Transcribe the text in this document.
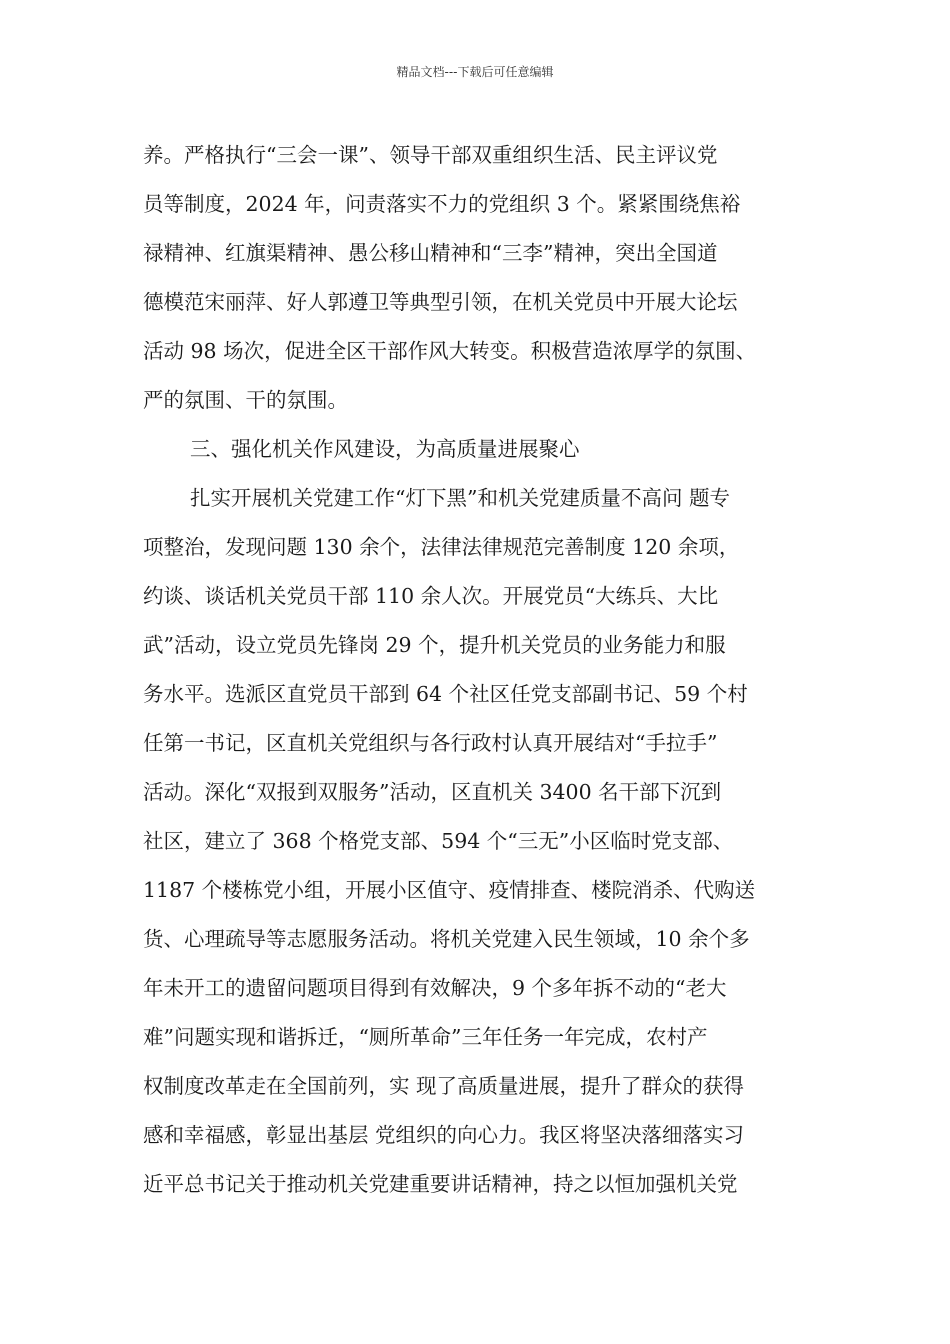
精品文档---下载后可任意编辑
养。严格执行“三会一课”、领导干部双重组织生活、民主评议党
员等制度，2024 年，问责落实不力的党组织 3 个。紧紧围绕焦裕
禄精神、红旗渠精神、愚公移山精神和“三李”精神，突出全国道
德模范宋丽萍、好人郭遵卫等典型引领，在机关党员中开展大论坛
活动 98 场次，促进全区干部作风大转变。积极营造浓厚学的氛围、
严的氛围、干的氛围。
三、强化机关作风建设，为高质量进展聚心
扎实开展机关党建工作“灯下黑”和机关党建质量不高问 题专
项整治，发现问题 130 余个，法律法律规范完善制度 120 余项，
约谈、谈话机关党员干部 110 余人次。开展党员“大练兵、大比
武”活动，设立党员先锋岗 29 个，提升机关党员的业务能力和服
务水平。选派区直党员干部到 64 个社区任党支部副书记、59 个村
任第一书记，区直机关党组织与各行政村认真开展结对“手拉手”
活动。深化“双报到双服务”活动，区直机关 3400 名干部下沉到
社区，建立了 368 个格党支部、594 个“三无”小区临时党支部、
1187 个楼栋党小组，开展小区值守、疫情排查、楼院消杀、代购送
货、心理疏导等志愿服务活动。将机关党建入民生领域，10 余个多
年未开工的遗留问题项目得到有效解决，9 个多年拆不动的“老大
难”问题实现和谐拆迁，“厕所革命”三年任务一年完成，农村产
权制度改革走在全国前列，实 现了高质量进展，提升了群众的获得
感和幸福感，彰显出基层 党组织的向心力。我区将坚决落细落实习
近平总书记关于推动机关党建重要讲话精神，持之以恒加强机关党
